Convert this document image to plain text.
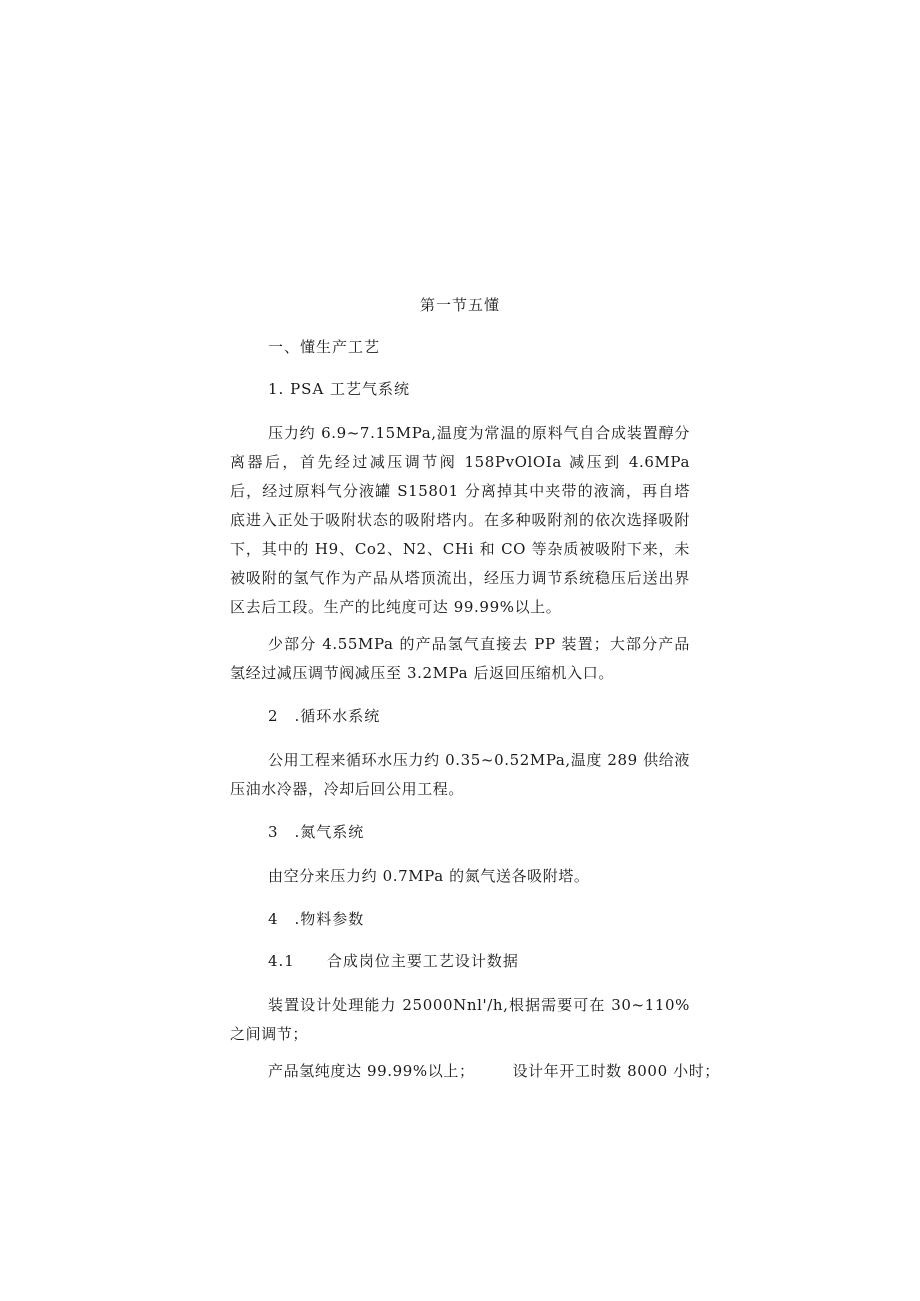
第一节五懂
一、懂生产工艺
1. PSA 工艺气系统

压力约 6.9~7.15MPa,温度为常温的原料气自合成装置醇分离器后，首先经过减压调节阀 158PvOlOIa 减压到 4.6MPa 后，经过原料气分液罐 S15801 分离掉其中夹带的液滴，再自塔底进入正处于吸附状态的吸附塔内。在多种吸附剂的依次选择吸附下，其中的 H9、Co2、N2、CHi 和 CO 等杂质被吸附下来，未被吸附的氢气作为产品从塔顶流出，经压力调节系统稳压后送出界区去后工段。生产的比纯度可达 99.99%以上。

少部分 4.55MPa 的产品氢气直接去 PP 装置；大部分产品氢经过减压调节阀减压至 3.2MPa 后返回压缩机入口。

2 .循环水系统

公用工程来循环水压力约 0.35~0.52MPa,温度 289 供给液压油水冷器，冷却后回公用工程。

3 .氮气系统

由空分来压力约 0.7MPa 的氮气送各吸附塔。

4 .物料参数
4.1  合成岗位主要工艺设计数据

装置设计处理能力 25000Nnl'/h,根据需要可在 30~110%之间调节；

产品氢纯度达 99.99%以上；	设计年开工时数 8000 小时；
